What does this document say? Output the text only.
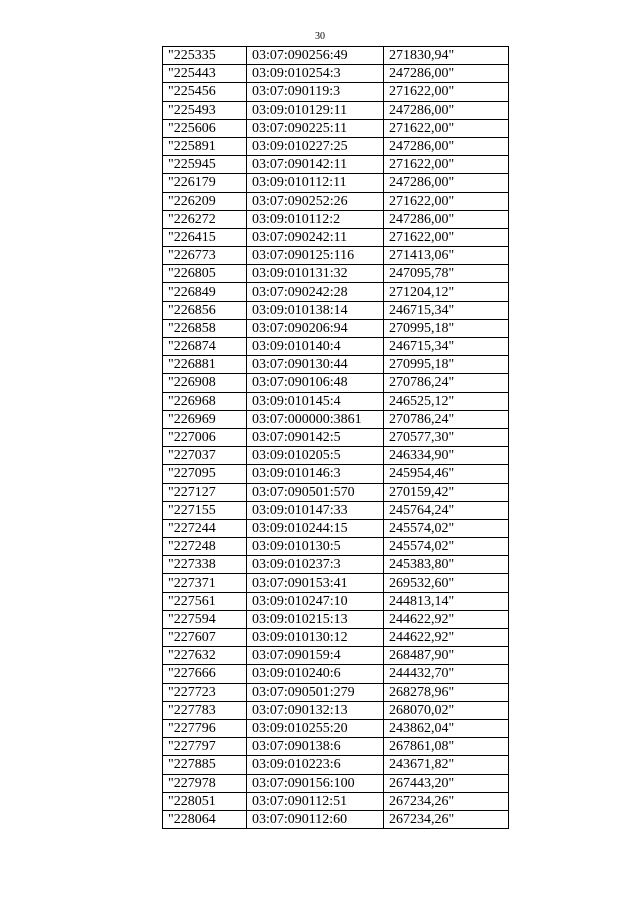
30
"225335	03:07:090256:49	271830,94"
"225443	03:09:010254:3	247286,00"
"225456	03:07:090119:3	271622,00"
"225493	03:09:010129:11	247286,00"
"225606	03:07:090225:11	271622,00"
"225891	03:09:010227:25	247286,00"
"225945	03:07:090142:11	271622,00"
"226179	03:09:010112:11	247286,00"
"226209	03:07:090252:26	271622,00"
"226272	03:09:010112:2	247286,00"
"226415	03:07:090242:11	271622,00"
"226773	03:07:090125:116	271413,06"
"226805	03:09:010131:32	247095,78"
"226849	03:07:090242:28	271204,12"
"226856	03:09:010138:14	246715,34"
"226858	03:07:090206:94	270995,18"
"226874	03:09:010140:4	246715,34"
"226881	03:07:090130:44	270995,18"
"226908	03:07:090106:48	270786,24"
"226968	03:09:010145:4	246525,12"
"226969	03:07:000000:3861	270786,24"
"227006	03:07:090142:5	270577,30"
"227037	03:09:010205:5	246334,90"
"227095	03:09:010146:3	245954,46"
"227127	03:07:090501:570	270159,42"
"227155	03:09:010147:33	245764,24"
"227244	03:09:010244:15	245574,02"
"227248	03:09:010130:5	245574,02"
"227338	03:09:010237:3	245383,80"
"227371	03:07:090153:41	269532,60"
"227561	03:09:010247:10	244813,14"
"227594	03:09:010215:13	244622,92"
"227607	03:09:010130:12	244622,92"
"227632	03:07:090159:4	268487,90"
"227666	03:09:010240:6	244432,70"
"227723	03:07:090501:279	268278,96"
"227783	03:07:090132:13	268070,02"
"227796	03:09:010255:20	243862,04"
"227797	03:07:090138:6	267861,08"
"227885	03:09:010223:6	243671,82"
"227978	03:07:090156:100	267443,20"
"228051	03:07:090112:51	267234,26"
"228064	03:07:090112:60	267234,26"
